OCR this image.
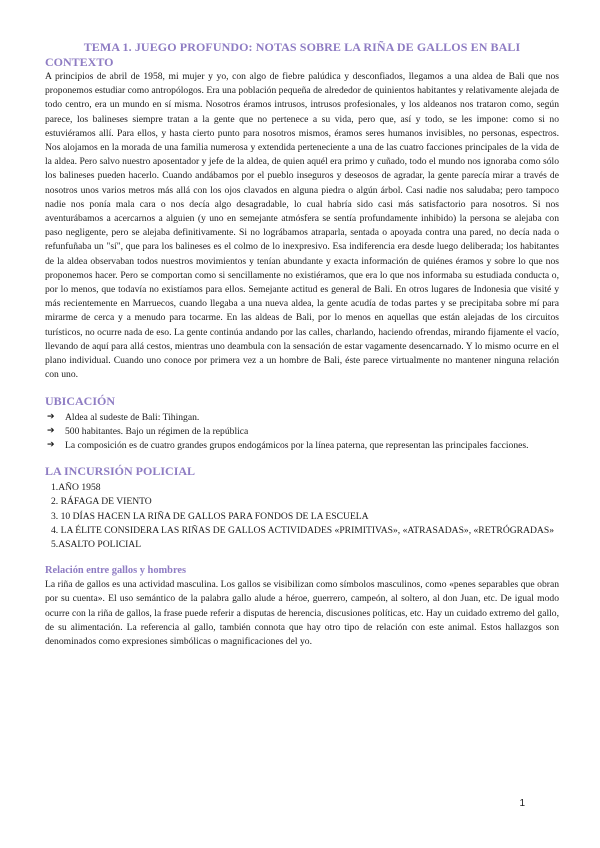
TEMA 1. JUEGO PROFUNDO: NOTAS SOBRE LA RIÑA DE GALLOS EN BALI
CONTEXTO

A principios de abril de 1958, mi mujer y yo, con algo de fiebre palúdica y desconfiados, llegamos a una aldea de Bali que nos proponemos estudiar como antropólogos. Era una población pequeña de alrededor de quinientos habitantes y relativamente alejada de todo centro, era un mundo en sí misma. Nosotros éramos intrusos, intrusos profesionales, y los aldeanos nos trataron como, según parece, los balineses siempre tratan a la gente que no pertenece a su vida, pero que, así y todo, se les impone: como si no estuviéramos allí. Para ellos, y hasta cierto punto para nosotros mismos, éramos seres humanos invisibles, no personas, espectros. Nos alojamos en la morada de una familia numerosa y extendida perteneciente a una de las cuatro facciones principales de la vida de la aldea. Pero salvo nuestro aposentador y jefe de la aldea, de quien aquél era primo y cuñado, todo el mundo nos ignoraba como sólo los balineses pueden hacerlo. Cuando andábamos por el pueblo inseguros y deseosos de agradar, la gente parecía mirar a través de nosotros unos varios metros más allá con los ojos clavados en alguna piedra o algún árbol. Casi nadie nos saludaba; pero tampoco nadie nos ponía mala cara o nos decía algo desagradable, lo cual habría sido casi más satisfactorio para nosotros. Si nos aventurábamos a acercarnos a alguien (y uno en semejante atmósfera se sentía profundamente inhibido) la persona se alejaba con paso negligente, pero se alejaba definitivamente. Si no lográbamos atraparla, sentada o apoyada contra una pared, no decía nada o refunfuñaba un "sí", que para los balineses es el colmo de lo inexpresivo. Esa indiferencia era desde luego deliberada; los habitantes de la aldea observaban todos nuestros movimientos y tenían abundante y exacta información de quiénes éramos y sobre lo que nos proponemos hacer. Pero se comportan como si sencillamente no existiéramos, que era lo que nos informaba su estudiada conducta o, por lo menos, que todavía no existíamos para ellos. Semejante actitud es general de Bali. En otros lugares de Indonesia que visité y más recientemente en Marruecos, cuando llegaba a una nueva aldea, la gente acudía de todas partes y se precipitaba sobre mí para mirarme de cerca y a menudo para tocarme. En las aldeas de Bali, por lo menos en aquellas que están alejadas de los circuitos turísticos, no ocurre nada de eso. La gente continúa andando por las calles, charlando, haciendo ofrendas, mirando fijamente el vacío, llevando de aquí para allá cestos, mientras uno deambula con la sensación de estar vagamente desencarnado. Y lo mismo ocurre en el plano individual. Cuando uno conoce por primera vez a un hombre de Bali, éste parece virtualmente no mantener ninguna relación con uno.

UBICACIÓN
➔ Aldea al sudeste de Bali: Tihingan.
➔ 500 habitantes. Bajo un régimen de la república
➔ La composición es de cuatro grandes grupos endogámicos por la línea paterna, que representan las principales facciones.
LA INCURSIÓN POLICIAL
1.AÑO 1958
2. RÁFAGA DE VIENTO
3. 10 DÍAS HACEN LA RIÑA DE GALLOS PARA FONDOS DE LA ESCUELA
4. LA ÉLITE CONSIDERA LAS RIÑAS DE GALLOS ACTIVIDADES «PRIMITIVAS», «ATRASADAS», «RETRÓGRADAS»
5.ASALTO POLICIAL
Relación entre gallos y hombres

La riña de gallos es una actividad masculina. Los gallos se visibilizan como símbolos masculinos, como «penes separables que obran por su cuenta». El uso semántico de la palabra gallo alude a héroe, guerrero, campeón, al soltero, al don Juan, etc. De igual modo ocurre con la riña de gallos, la frase puede referir a disputas de herencia, discusiones políticas, etc. Hay un cuidado extremo del gallo, de su alimentación. La referencia al gallo, también connota que hay otro tipo de relación con este animal. Estos hallazgos son denominados como expresiones simbólicas o magnificaciones del yo.

1
